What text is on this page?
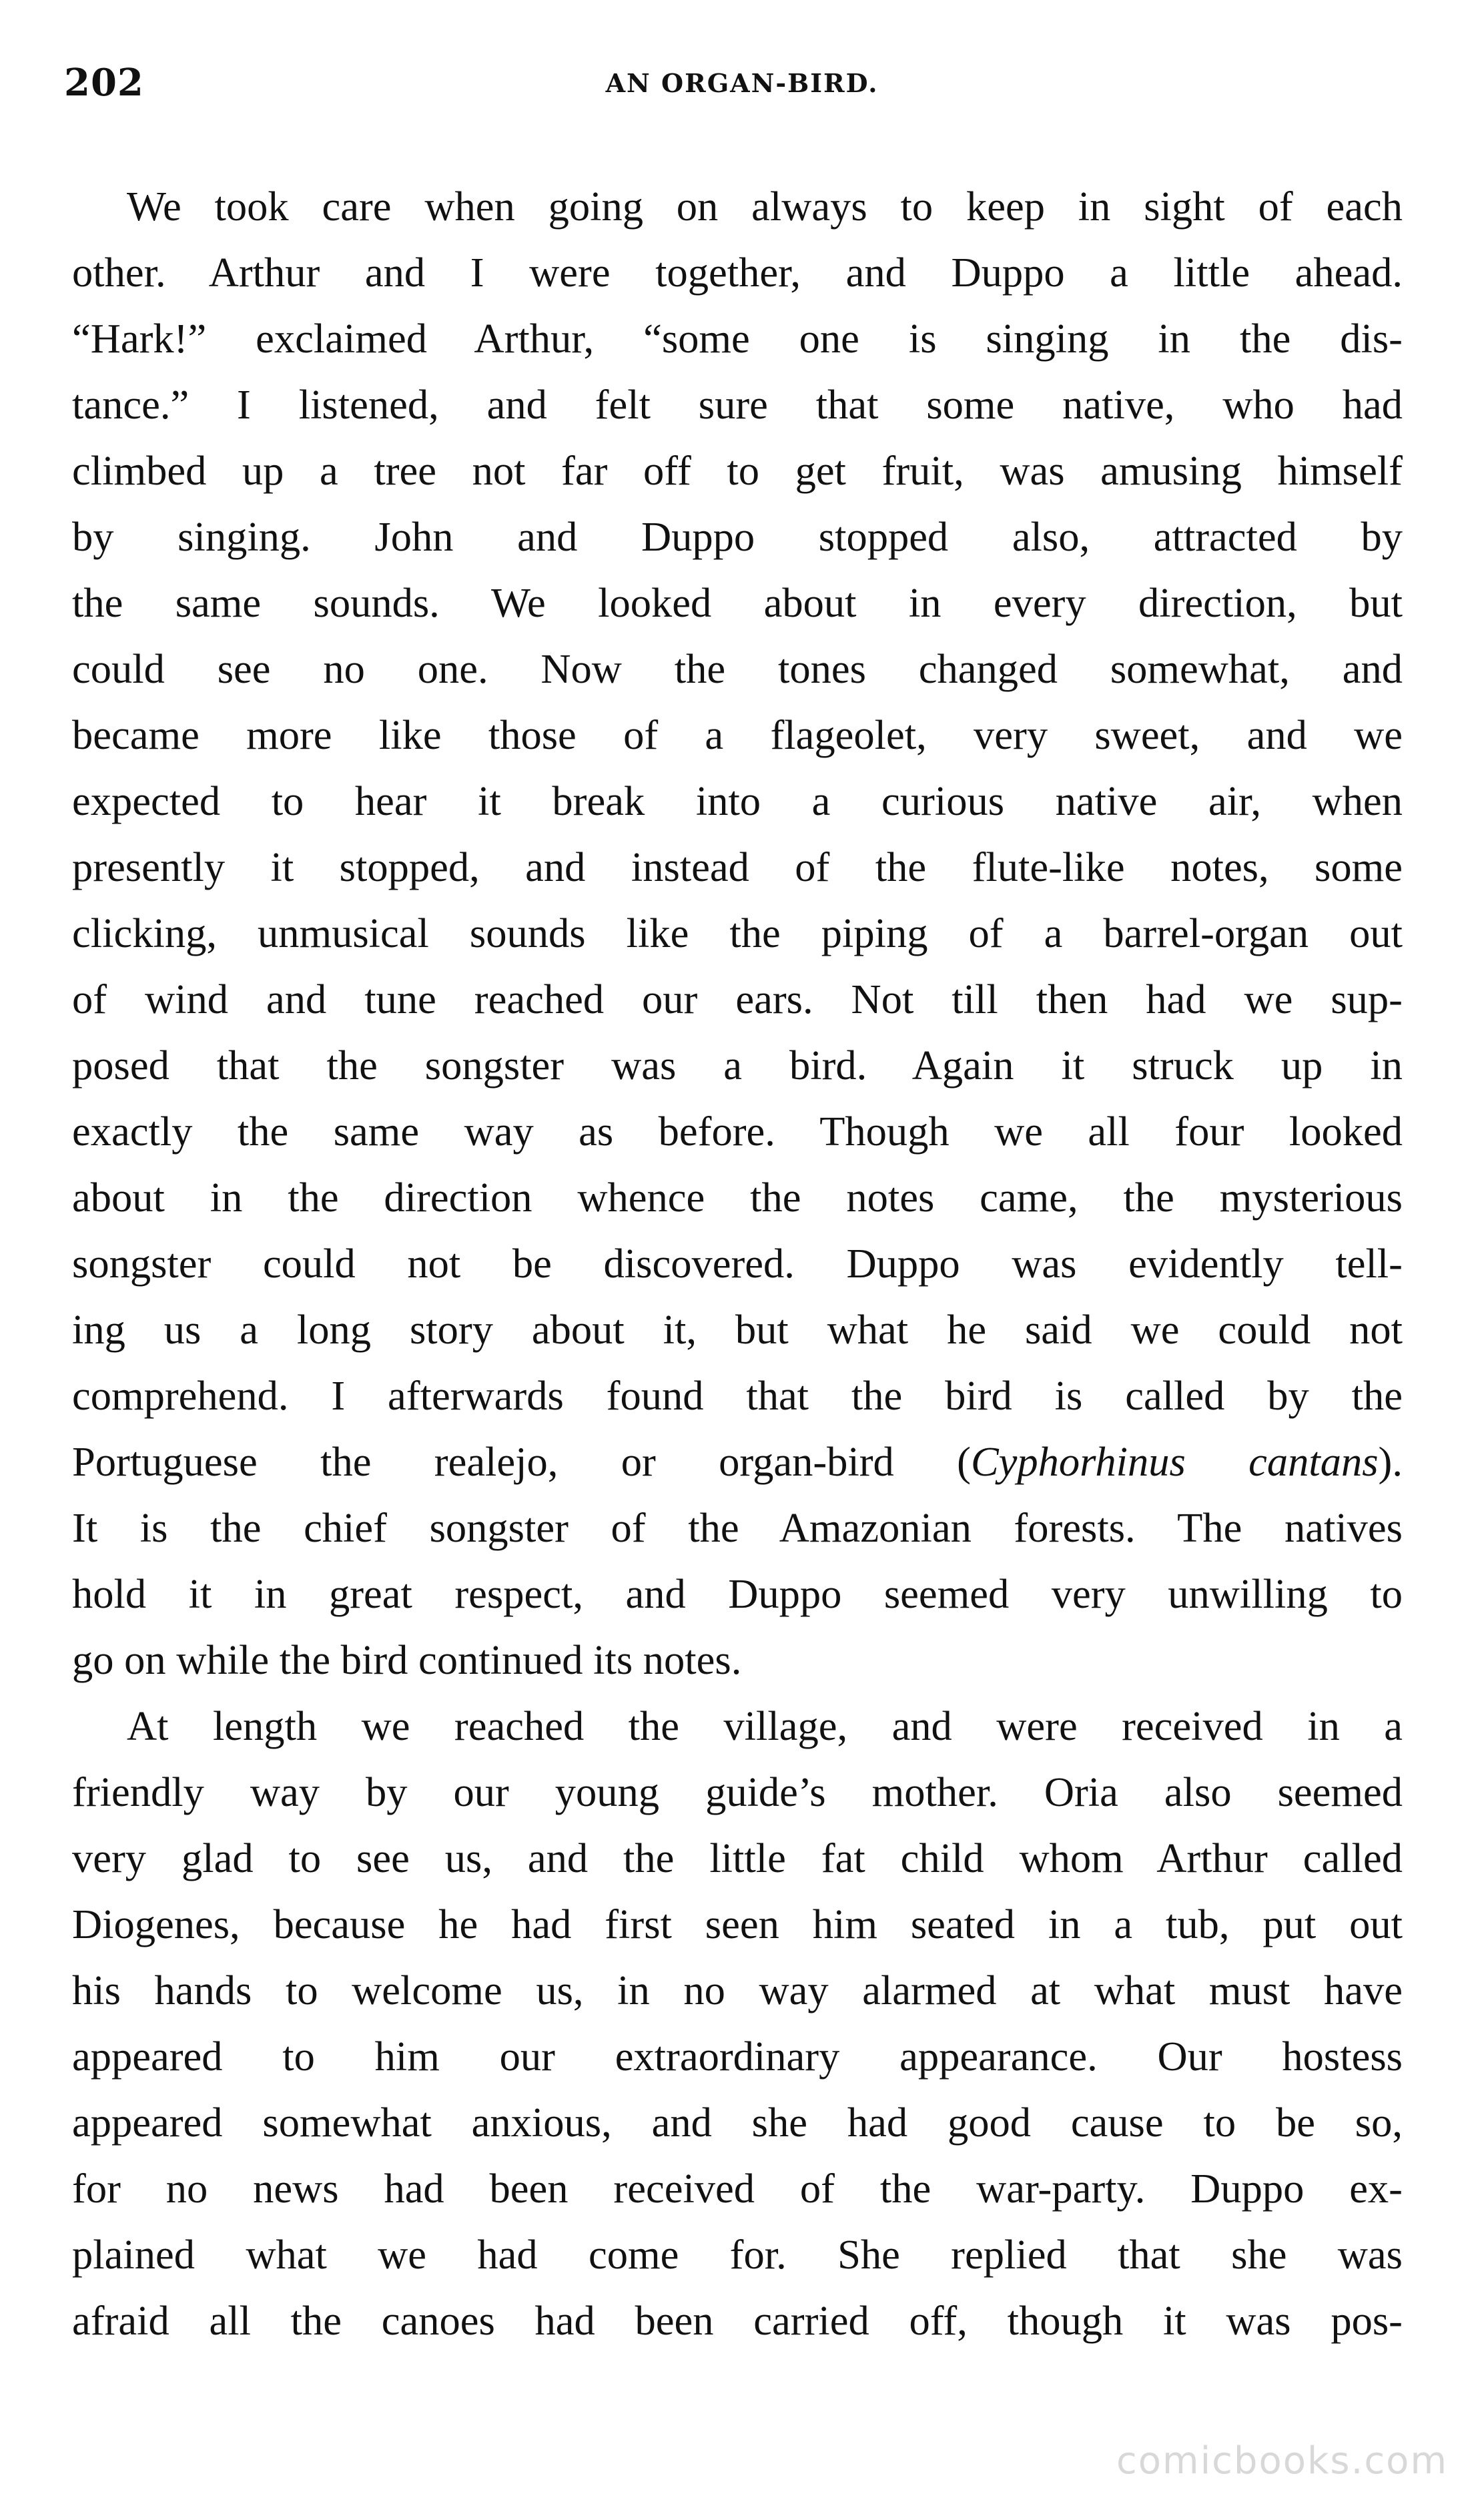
202	AN ORGAN-BIRD.

We took care when going on always to keep in sight of each
other. Arthur and I were together, and Duppo a little ahead.
“Hark!” exclaimed Arthur, “some one is singing in the dis-
tance.” I listened, and felt sure that some native, who had
climbed up a tree not far off to get fruit, was amusing himself
by singing. John and Duppo stopped also, attracted by
the same sounds. We looked about in every direction, but
could see no one. Now the tones changed somewhat, and
became more like those of a flageolet, very sweet, and we
expected to hear it break into a curious native air, when
presently it stopped, and instead of the flute-like notes, some
clicking, unmusical sounds like the piping of a barrel-organ out
of wind and tune reached our ears. Not till then had we sup-
posed that the songster was a bird. Again it struck up in
exactly the same way as before. Though we all four looked
about in the direction whence the notes came, the mysterious
songster could not be discovered. Duppo was evidently tell-
ing us a long story about it, but what he said we could not
comprehend. I afterwards found that the bird is called by the
Portuguese the realejo, or organ-bird (Cyphorhinus cantans).
It is the chief songster of the Amazonian forests. The natives
hold it in great respect, and Duppo seemed very unwilling to
go on while the bird continued its notes.

At length we reached the village, and were received in a
friendly way by our young guide’s mother. Oria also seemed
very glad to see us, and the little fat child whom Arthur called
Diogenes, because he had first seen him seated in a tub, put out
his hands to welcome us, in no way alarmed at what must have
appeared to him our extraordinary appearance. Our hostess
appeared somewhat anxious, and she had good cause to be so,
for no news had been received of the war-party. Duppo ex-
plained what we had come for. She replied that she was
afraid all the canoes had been carried off, though it was pos-

comicbooks.com
